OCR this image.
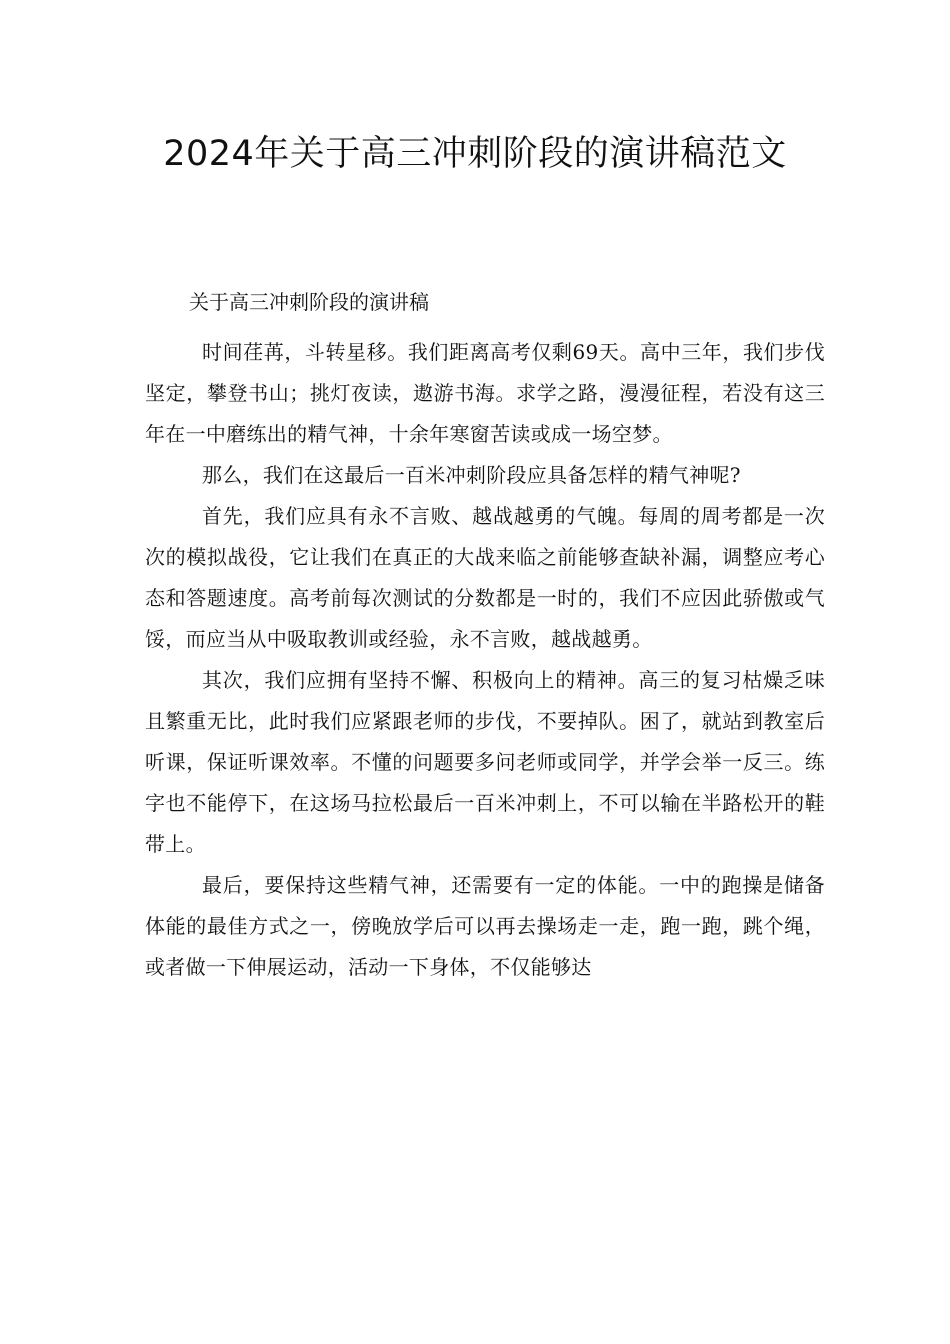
2024年关于高三冲刺阶段的演讲稿范文

关于高三冲刺阶段的演讲稿

时间荏苒，斗转星移。我们距离高考仅剩69天。高中三年，我们步伐坚定，攀登书山；挑灯夜读，遨游书海。求学之路，漫漫征程，若没有这三年在一中磨练出的精气神，十余年寒窗苦读或成一场空梦。

那么，我们在这最后一百米冲刺阶段应具备怎样的精气神呢?

首先，我们应具有永不言败、越战越勇的气魄。每周的周考都是一次次的模拟战役，它让我们在真正的大战来临之前能够查缺补漏，调整应考心态和答题速度。高考前每次测试的分数都是一时的，我们不应因此骄傲或气馁，而应当从中吸取教训或经验，永不言败，越战越勇。

其次，我们应拥有坚持不懈、积极向上的精神。高三的复习枯燥乏味且繁重无比，此时我们应紧跟老师的步伐，不要掉队。困了，就站到教室后听课，保证听课效率。不懂的问题要多问老师或同学，并学会举一反三。练字也不能停下，在这场马拉松最后一百米冲刺上，不可以输在半路松开的鞋带上。

最后，要保持这些精气神，还需要有一定的体能。一中的跑操是储备体能的最佳方式之一，傍晚放学后可以再去操场走一走，跑一跑，跳个绳，或者做一下伸展运动，活动一下身体，不仅能够达
